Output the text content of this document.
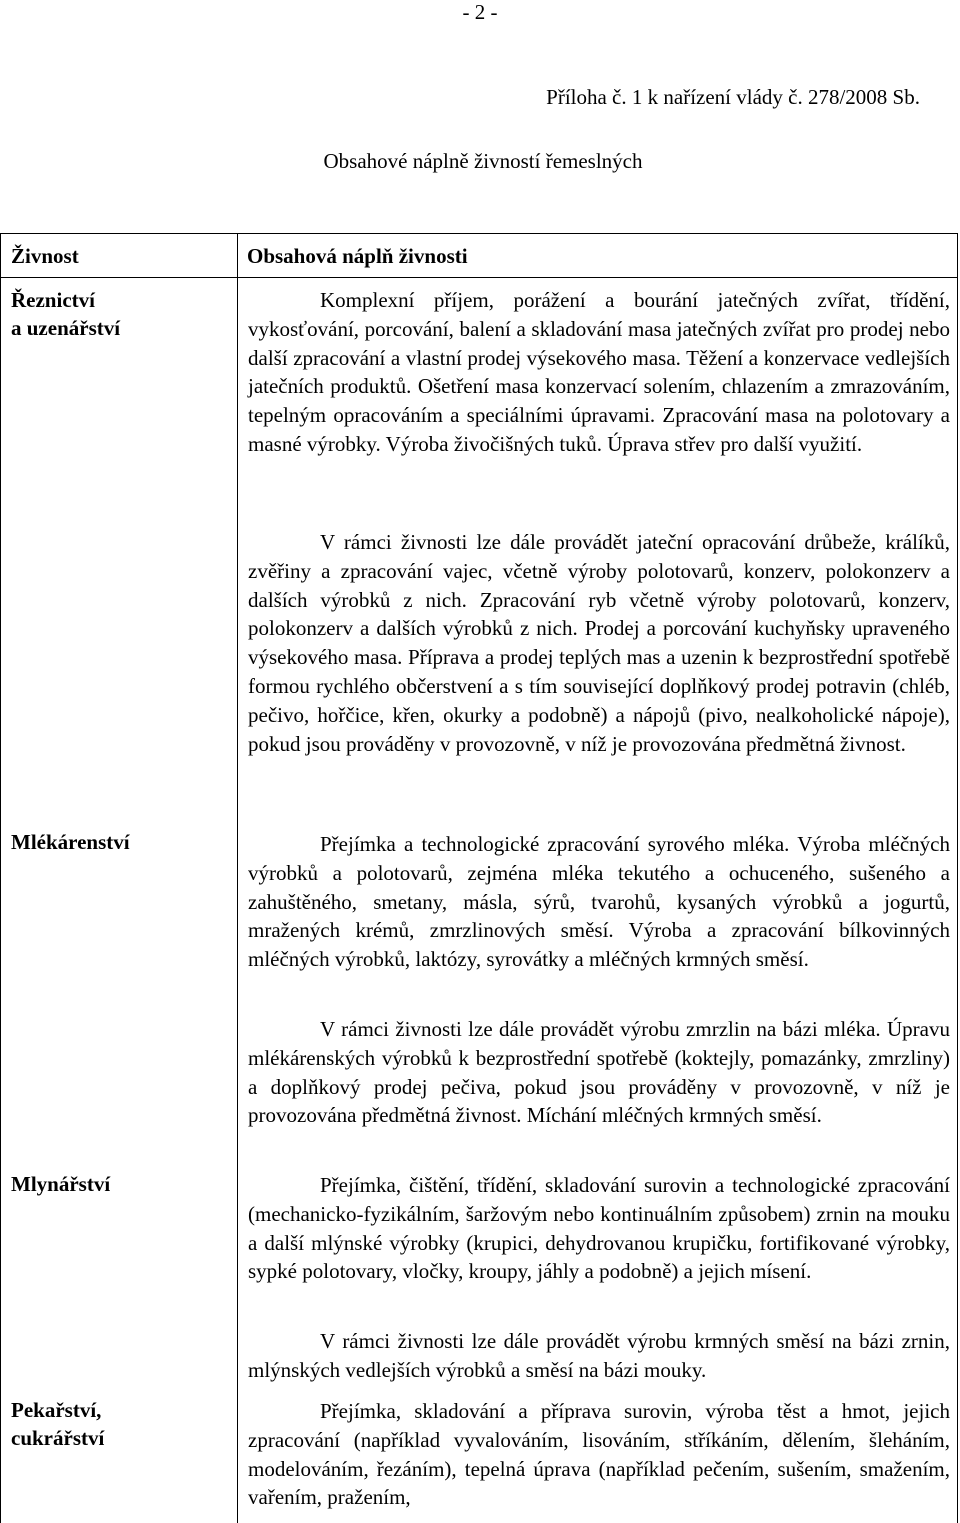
- 2 -
Příloha č. 1 k nařízení vlády č. 278/2008 Sb.
Obsahové náplně živností řemeslných
Živnost	Obsahová náplň živnosti
Řeznictví
a uzenářství
Mlékárenství
Mlynářství
Pekařství,
cukrářství
Komplexní příjem, porážení a bourání jatečných zvířat, třídění, vykosťování, porcování, balení a skladování masa jatečných zvířat pro prodej nebo další zpracování a vlastní prodej výsekového masa. Těžení a konzervace vedlejších jatečních produktů. Ošetření masa konzervací solením, chlazením a zmrazováním, tepelným opracováním a speciálními úpravami. Zpracování masa na polotovary a masné výrobky. Výroba živočišných tuků. Úprava střev pro další využití.
V rámci živnosti lze dále provádět jateční opracování drůbeže, králíků, zvěřiny a zpracování vajec, včetně výroby polotovarů, konzerv, polokonzerv a dalších výrobků z nich. Zpracování ryb včetně výroby polotovarů, konzerv, polokonzerv a dalších výrobků z nich. Prodej a porcování kuchyňsky upraveného výsekového masa. Příprava a prodej teplých mas a uzenin k bezprostřední spotřebě formou rychlého občerstvení a s tím související doplňkový prodej potravin (chléb, pečivo, hořčice, křen, okurky a podobně) a nápojů (pivo, nealkoholické nápoje), pokud jsou prováděny v provozovně, v níž je provozována předmětná živnost.
Přejímka a technologické zpracování syrového mléka. Výroba mléčných výrobků a polotovarů, zejména mléka tekutého a ochuceného, sušeného a zahuštěného, smetany, másla, sýrů, tvarohů, kysaných výrobků a jogurtů, mražených krémů, zmrzlinových směsí. Výroba a zpracování bílkovinných mléčných výrobků, laktózy, syrovátky a mléčných krmných směsí.
V rámci živnosti lze dále provádět výrobu zmrzlin na bázi mléka. Úpravu mlékárenských výrobků k bezprostřední spotřebě (koktejly, pomazánky, zmrzliny) a doplňkový prodej pečiva, pokud jsou prováděny v provozovně, v níž je provozována předmětná živnost. Míchání mléčných krmných směsí.
Přejímka, čištění, třídění, skladování surovin a technologické zpracování (mechanicko-fyzikálním, šaržovým nebo kontinuálním způsobem) zrnin na mouku a další mlýnské výrobky (krupici, dehydrovanou krupičku, fortifikované výrobky, sypké polotovary, vločky, kroupy, jáhly a podobně) a jejich mísení.
V rámci živnosti lze dále provádět výrobu krmných směsí na bázi zrnin, mlýnských vedlejších výrobků a směsí na bázi mouky.
Přejímka, skladování a příprava surovin, výroba těst a hmot, jejich zpracování (například vyvalováním, lisováním, stříkáním, dělením, šleháním, modelováním, řezáním), tepelná úprava (například pečením, sušením, smažením, vařením, pražením,
